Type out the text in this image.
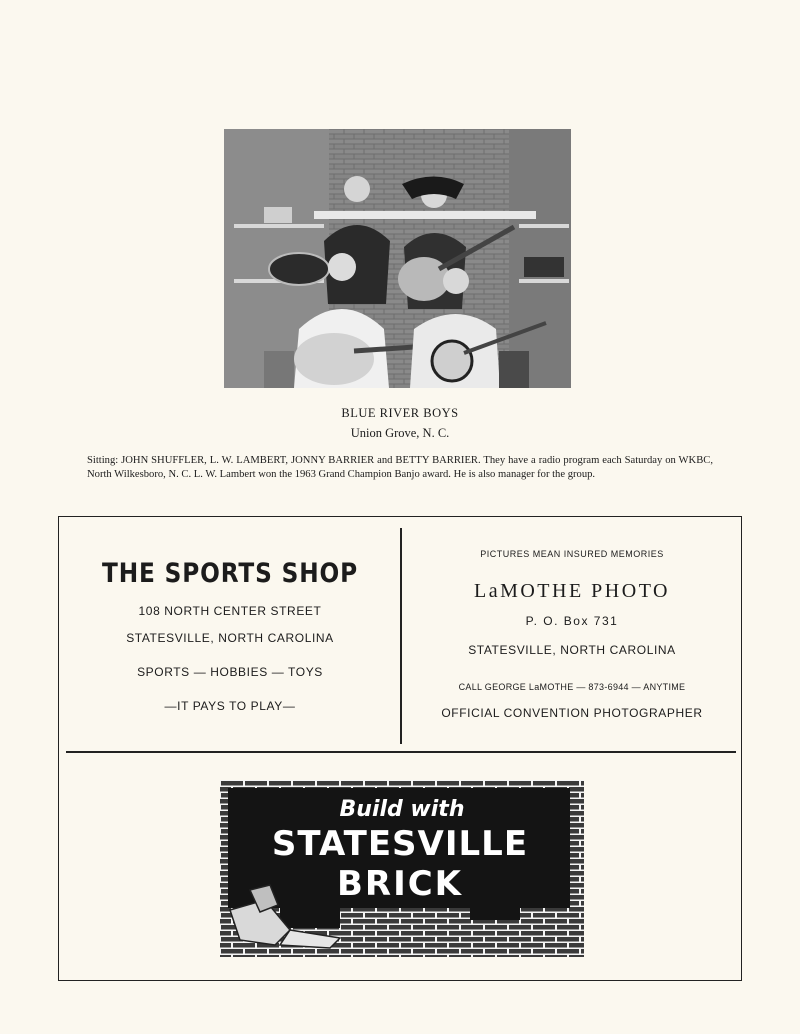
BLUE RIVER BOYS
Union Grove, N. C.
Sitting: JOHN SHUFFLER, L. W. LAMBERT, JONNY BARRIER and BETTY BARRIER. They have a radio program each Saturday on WKBC, North Wilkesboro, N. C. L. W. Lambert won the 1963 Grand Champion Banjo award. He is also manager for the group.
THE SPORTS SHOP
108 NORTH CENTER STREET
STATESVILLE, NORTH CAROLINA
SPORTS — HOBBIES — TOYS
—IT PAYS TO PLAY—
PICTURES MEAN INSURED MEMORIES
LaMOTHE PHOTO
P. O. Box 731
STATESVILLE, NORTH CAROLINA
CALL GEORGE LaMOTHE — 873-6944 — ANYTIME
OFFICIAL CONVENTION PHOTOGRAPHER
Build with
STATESVILLE
BRICK
